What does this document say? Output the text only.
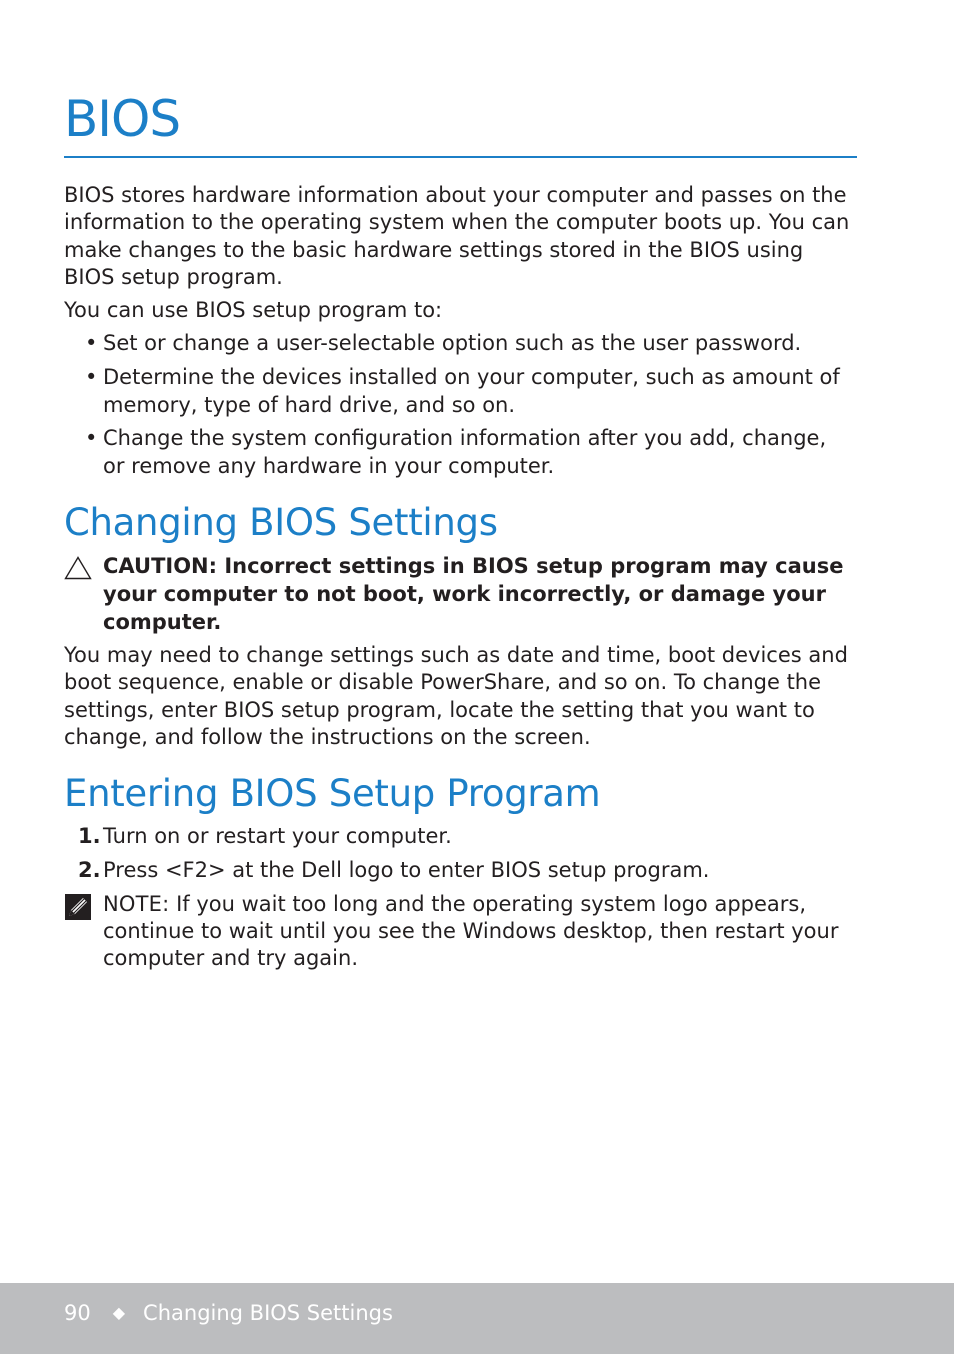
BIOS

BIOS stores hardware information about your computer and passes on the information to the operating system when the computer boots up. You can make changes to the basic hardware settings stored in the BIOS using BIOS setup program.

You can use BIOS setup program to:

• Set or change a user-selectable option such as the user password.
• Determine the devices installed on your computer, such as amount of memory, type of hard drive, and so on.
• Change the system configuration information after you add, change, or remove any hardware in your computer.
Changing BIOS Settings
CAUTION: Incorrect settings in BIOS setup program may cause your computer to not boot, work incorrectly, or damage your computer.

You may need to change settings such as date and time, boot devices and boot sequence, enable or disable PowerShare, and so on. To change the settings, enter BIOS setup program, locate the setting that you want to change, and follow the instructions on the screen.

Entering BIOS Setup Program
1. Turn on or restart your computer.
2. Press <F2> at the Dell logo to enter BIOS setup program.
NOTE: If you wait too long and the operating system logo appears, continue to wait until you see the Windows desktop, then restart your computer and try again.
90 ◆ Changing BIOS Settings
